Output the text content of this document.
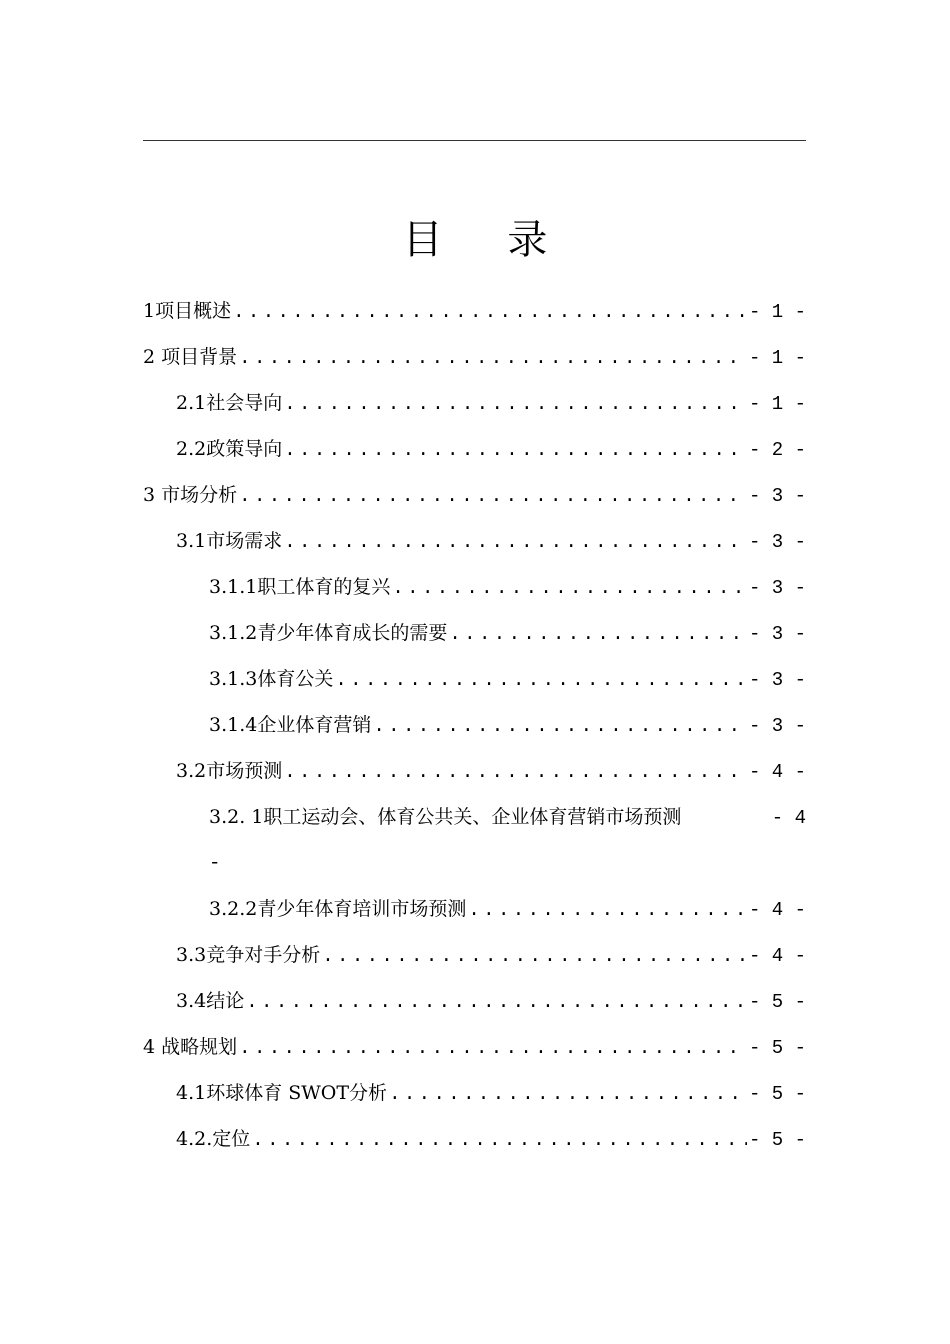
目 录
1项目概述 . . .	- 1 -
2 项目背景 . . .	- 1 -
2.1社会导向 . . .	- 1 -
2.2政策导向 . . .	- 2 -
3 市场分析 . . .	- 3 -
3.1市场需求 . . .	- 3 -
3.1.1职工体育的复兴 . . .	- 3 -
3.1.2青少年体育成长的需要 . . .	- 3 -
3.1.3体育公关 . . .	- 3 -
3.1.4企业体育营销 . . .	- 3 -
3.2市场预测 . . .	- 4 -
3.2. 1职工运动会、体育公共关、企业体育营销市场预测	- 4
-
3.2.2青少年体育培训市场预测 . . .	- 4 -
3.3竞争对手分析 . . .	- 4 -
3.4结论 . . .	- 5 -
4 战略规划 . . .	- 5 -
4.1环球体育 SWOT分析 . . .	- 5 -
4.2.定位 . . .	- 5 -
